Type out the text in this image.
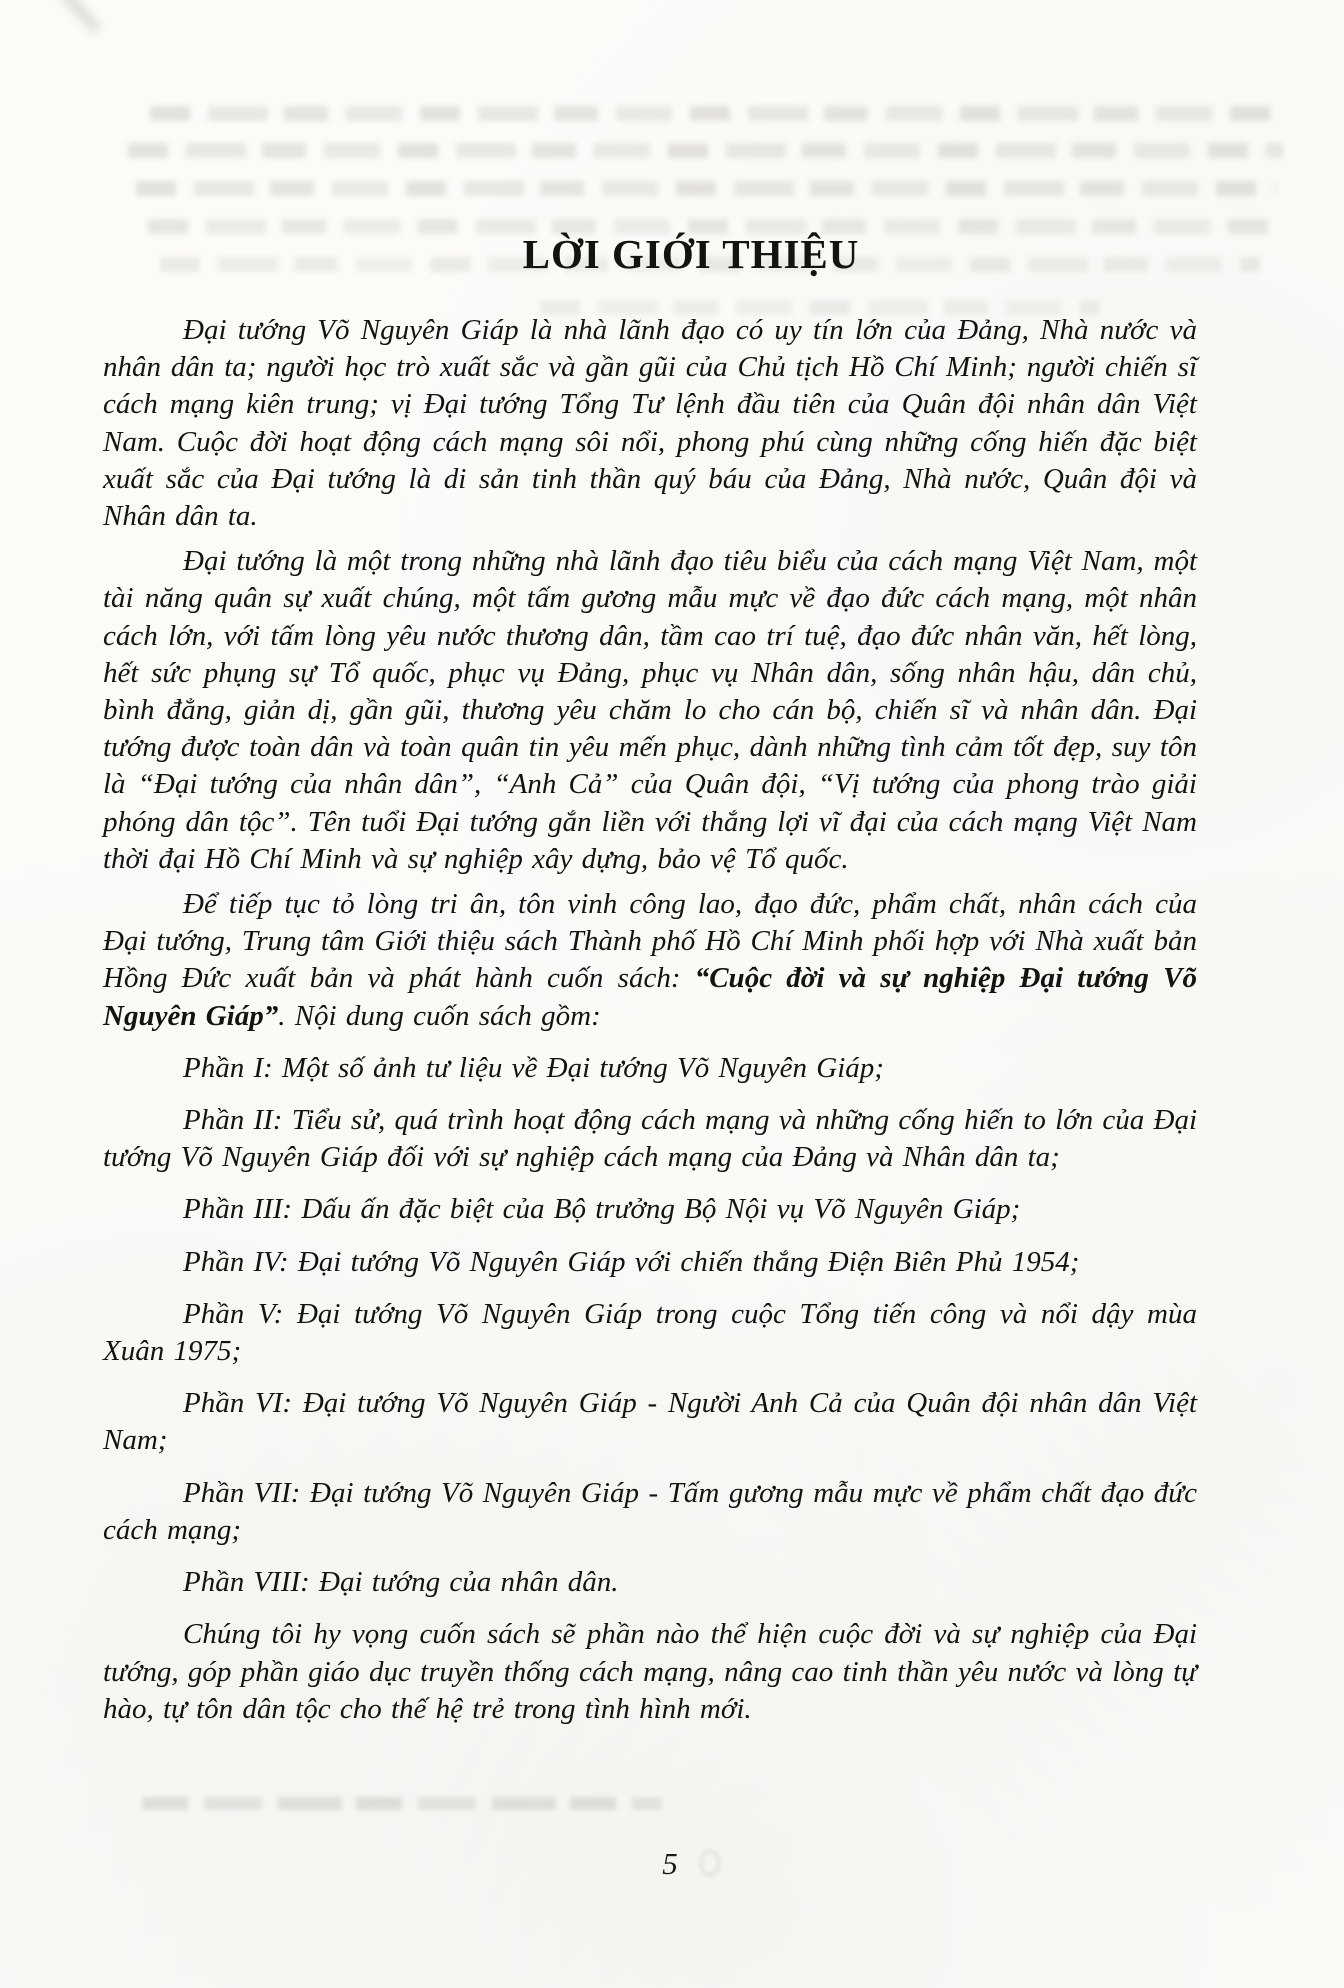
LỜI GIỚI THIỆU

Đại tướng Võ Nguyên Giáp là nhà lãnh đạo có uy tín lớn của Đảng, Nhà nước và nhân dân ta; người học trò xuất sắc và gần gũi của Chủ tịch Hồ Chí Minh; người chiến sĩ cách mạng kiên trung; vị Đại tướng Tổng Tư lệnh đầu tiên của Quân đội nhân dân Việt Nam. Cuộc đời hoạt động cách mạng sôi nổi, phong phú cùng những cống hiến đặc biệt xuất sắc của Đại tướng là di sản tinh thần quý báu của Đảng, Nhà nước, Quân đội và Nhân dân ta.

Đại tướng là một trong những nhà lãnh đạo tiêu biểu của cách mạng Việt Nam, một tài năng quân sự xuất chúng, một tấm gương mẫu mực về đạo đức cách mạng, một nhân cách lớn, với tấm lòng yêu nước thương dân, tầm cao trí tuệ, đạo đức nhân văn, hết lòng, hết sức phụng sự Tổ quốc, phục vụ Đảng, phục vụ Nhân dân, sống nhân hậu, dân chủ, bình đẳng, giản dị, gần gũi, thương yêu chăm lo cho cán bộ, chiến sĩ và nhân dân. Đại tướng được toàn dân và toàn quân tin yêu mến phục, dành những tình cảm tốt đẹp, suy tôn là “Đại tướng của nhân dân”, “Anh Cả” của Quân đội, “Vị tướng của phong trào giải phóng dân tộc”. Tên tuổi Đại tướng gắn liền với thắng lợi vĩ đại của cách mạng Việt Nam thời đại Hồ Chí Minh và sự nghiệp xây dựng, bảo vệ Tổ quốc.

Để tiếp tục tỏ lòng tri ân, tôn vinh công lao, đạo đức, phẩm chất, nhân cách của Đại tướng, Trung tâm Giới thiệu sách Thành phố Hồ Chí Minh phối hợp với Nhà xuất bản Hồng Đức xuất bản và phát hành cuốn sách: “Cuộc đời và sự nghiệp Đại tướng Võ Nguyên Giáp”. Nội dung cuốn sách gồm:

Phần I: Một số ảnh tư liệu về Đại tướng Võ Nguyên Giáp;

Phần II: Tiểu sử, quá trình hoạt động cách mạng và những cống hiến to lớn của Đại tướng Võ Nguyên Giáp đối với sự nghiệp cách mạng của Đảng và Nhân dân ta;

Phần III: Dấu ấn đặc biệt của Bộ trưởng Bộ Nội vụ Võ Nguyên Giáp;

Phần IV: Đại tướng Võ Nguyên Giáp với chiến thắng Điện Biên Phủ 1954;

Phần V: Đại tướng Võ Nguyên Giáp trong cuộc Tổng tiến công và nổi dậy mùa Xuân 1975;

Phần VI: Đại tướng Võ Nguyên Giáp - Người Anh Cả của Quân đội nhân dân Việt Nam;

Phần VII: Đại tướng Võ Nguyên Giáp - Tấm gương mẫu mực về phẩm chất đạo đức cách mạng;

Phần VIII: Đại tướng của nhân dân.

Chúng tôi hy vọng cuốn sách sẽ phần nào thể hiện cuộc đời và sự nghiệp của Đại tướng, góp phần giáo dục truyền thống cách mạng, nâng cao tinh thần yêu nước và lòng tự hào, tự tôn dân tộc cho thế hệ trẻ trong tình hình mới.

5
